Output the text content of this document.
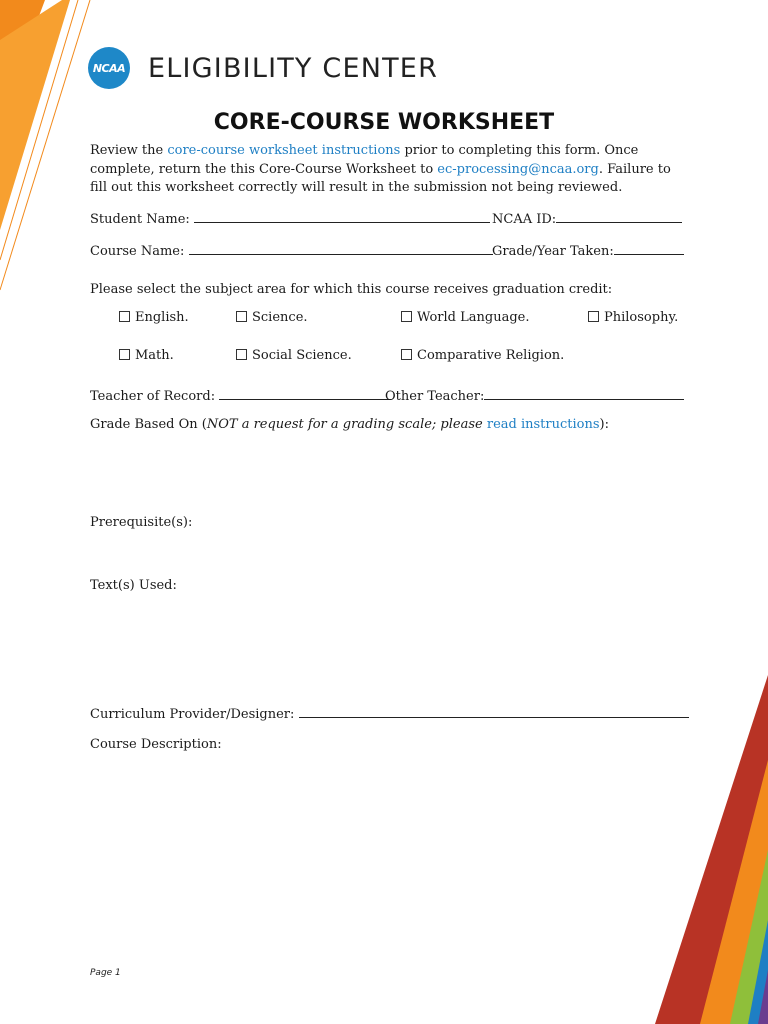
NCAA ELIGIBILITY CENTER
CORE-COURSE WORKSHEET
Review the core-course worksheet instructions prior to completing this form. Once complete, return the this Core-Course Worksheet to ec-processing@ncaa.org. Failure to fill out this worksheet correctly will result in the submission not being reviewed.
Student Name:	NCAA ID:
Course Name:	Grade/Year Taken:
Please select the subject area for which this course receives graduation credit:
English.	Science.	World Language.	Philosophy.
Math.	Social Science.	Comparative Religion.
Teacher of Record:	Other Teacher:
Grade Based On (NOT a request for a grading scale; please read instructions):
Prerequisite(s):
Text(s) Used:
Curriculum Provider/Designer:
Course Description:
Page 1
